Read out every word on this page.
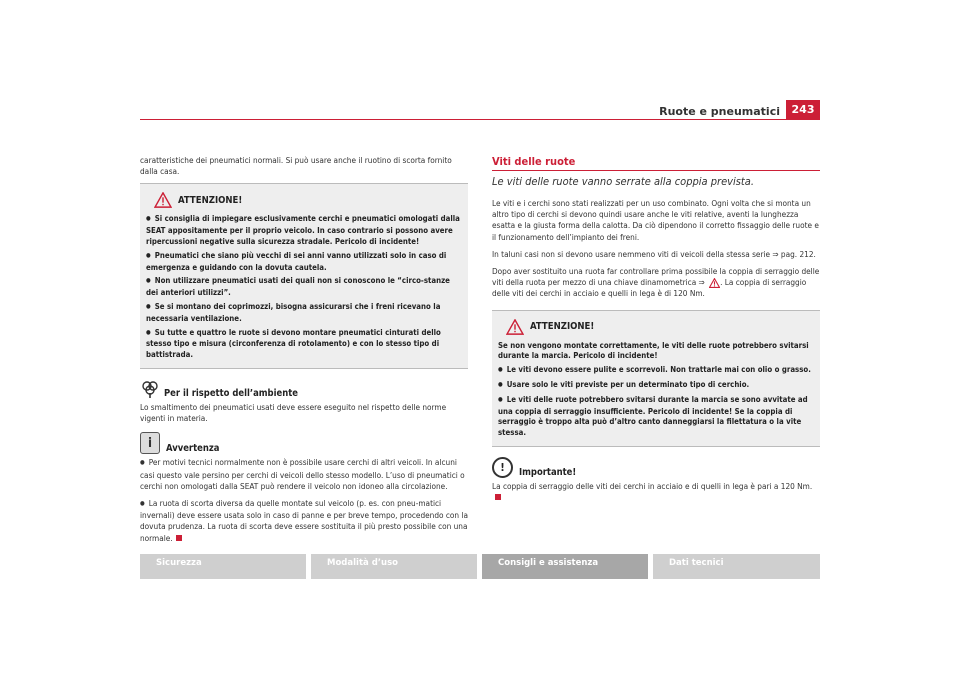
Ruote e pneumatici	243

caratteristiche dei pneumatici normali. Si può usare anche il ruotino di scorta fornito dalla casa.

ATTENZIONE!

● Si consiglia di impiegare esclusivamente cerchi e pneumatici omologati dalla SEAT appositamente per il proprio veicolo. In caso contrario si possono avere ripercussioni negative sulla sicurezza stradale. Pericolo di incidente!

● Pneumatici che siano più vecchi di sei anni vanno utilizzati solo in caso di emergenza e guidando con la dovuta cautela.

● Non utilizzare pneumatici usati dei quali non si conoscono le “circo-stanze dei anteriori utilizzi”.

● Se si montano dei coprimozzi, bisogna assicurarsi che i freni ricevano la necessaria ventilazione.

● Su tutte e quattro le ruote si devono montare pneumatici cinturati dello stesso tipo e misura (circonferenza di rotolamento) e con lo stesso tipo di battistrada.

Per il rispetto dell’ambiente

Lo smaltimento dei pneumatici usati deve essere eseguito nel rispetto delle norme vigenti in materia.

i	Avvertenza

● Per motivi tecnici normalmente non è possibile usare cerchi di altri veicoli. In alcuni casi questo vale persino per cerchi di veicoli dello stesso modello. L’uso di pneumatici o cerchi non omologati dalla SEAT può rendere il veicolo non idoneo alla circolazione.

● La ruota di scorta diversa da quelle montate sul veicolo (p. es. con pneu-matici invernali) deve essere usata solo in caso di panne e per breve tempo, procedendo con la dovuta prudenza. La ruota di scorta deve essere sostituita il più presto possibile con una normale.

Viti delle ruote
Le viti delle ruote vanno serrate alla coppia prevista.

Le viti e i cerchi sono stati realizzati per un uso combinato. Ogni volta che si monta un altro tipo di cerchi si devono quindi usare anche le viti relative, aventi la lunghezza esatta e la giusta forma della calotta. Da ciò dipendono il corretto fissaggio delle ruote e il funzionamento dell’impianto dei freni.

In taluni casi non si devono usare nemmeno viti di veicoli della stessa serie ⇒ pag. 212.

Dopo aver sostituito una ruota far controllare prima possibile la coppia di serraggio delle viti della ruota per mezzo di una chiave dinamometrica ⇒ . La coppia di serraggio delle viti dei cerchi in acciaio e quelli in lega è di 120 Nm.

ATTENZIONE!

Se non vengono montate correttamente, le viti delle ruote potrebbero svitarsi durante la marcia. Pericolo di incidente!

● Le viti devono essere pulite e scorrevoli. Non trattarle mai con olio o grasso.

● Usare solo le viti previste per un determinato tipo di cerchio.

● Le viti delle ruote potrebbero svitarsi durante la marcia se sono avvitate ad una coppia di serraggio insufficiente. Pericolo di incidente! Se la coppia di serraggio è troppo alta può d’altro canto danneggiarsi la filettatura o la vite stessa.

!	Importante!

La coppia di serraggio delle viti dei cerchi in acciaio e di quelli in lega è pari a 120 Nm.

Sicurezza	Modalità d’uso	Consigli e assistenza	Dati tecnici
